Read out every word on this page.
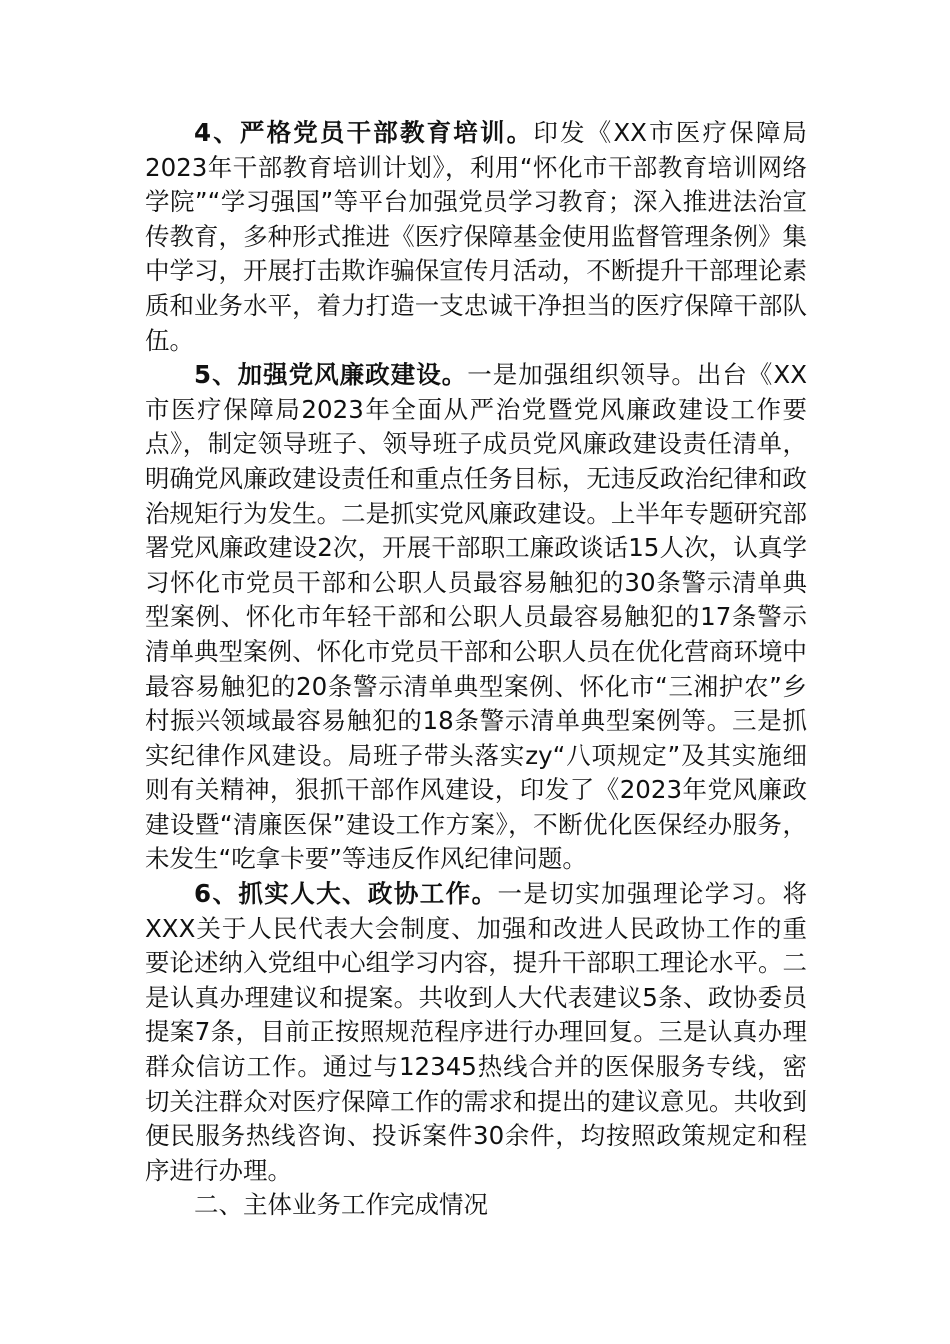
4、严格党员干部教育培训。印发《XX市医疗保障局2023年干部教育培训计划》，利用“怀化市干部教育培训网络学院”“学习强国”等平台加强党员学习教育；深入推进法治宣传教育，多种形式推进《医疗保障基金使用监督管理条例》集中学习，开展打击欺诈骗保宣传月活动，不断提升干部理论素质和业务水平，着力打造一支忠诚干净担当的医疗保障干部队伍。

5、加强党风廉政建设。一是加强组织领导。出台《XX市医疗保障局2023年全面从严治党暨党风廉政建设工作要点》，制定领导班子、领导班子成员党风廉政建设责任清单，明确党风廉政建设责任和重点任务目标，无违反政治纪律和政治规矩行为发生。二是抓实党风廉政建设。上半年专题研究部署党风廉政建设2次，开展干部职工廉政谈话15人次，认真学习怀化市党员干部和公职人员最容易触犯的30条警示清单典型案例、怀化市年轻干部和公职人员最容易触犯的17条警示清单典型案例、怀化市党员干部和公职人员在优化营商环境中最容易触犯的20条警示清单典型案例、怀化市“三湘护农”乡村振兴领域最容易触犯的18条警示清单典型案例等。三是抓实纪律作风建设。局班子带头落实zy“八项规定”及其实施细则有关精神，狠抓干部作风建设，印发了《2023年党风廉政建设暨“清廉医保”建设工作方案》，不断优化医保经办服务，未发生“吃拿卡要”等违反作风纪律问题。

6、抓实人大、政协工作。一是切实加强理论学习。将XXX关于人民代表大会制度、加强和改进人民政协工作的重要论述纳入党组中心组学习内容，提升干部职工理论水平。二是认真办理建议和提案。共收到人大代表建议5条、政协委员提案7条，目前正按照规范程序进行办理回复。三是认真办理群众信访工作。通过与12345热线合并的医保服务专线，密切关注群众对医疗保障工作的需求和提出的建议意见。共收到便民服务热线咨询、投诉案件30余件，均按照政策规定和程序进行办理。

二、主体业务工作完成情况
